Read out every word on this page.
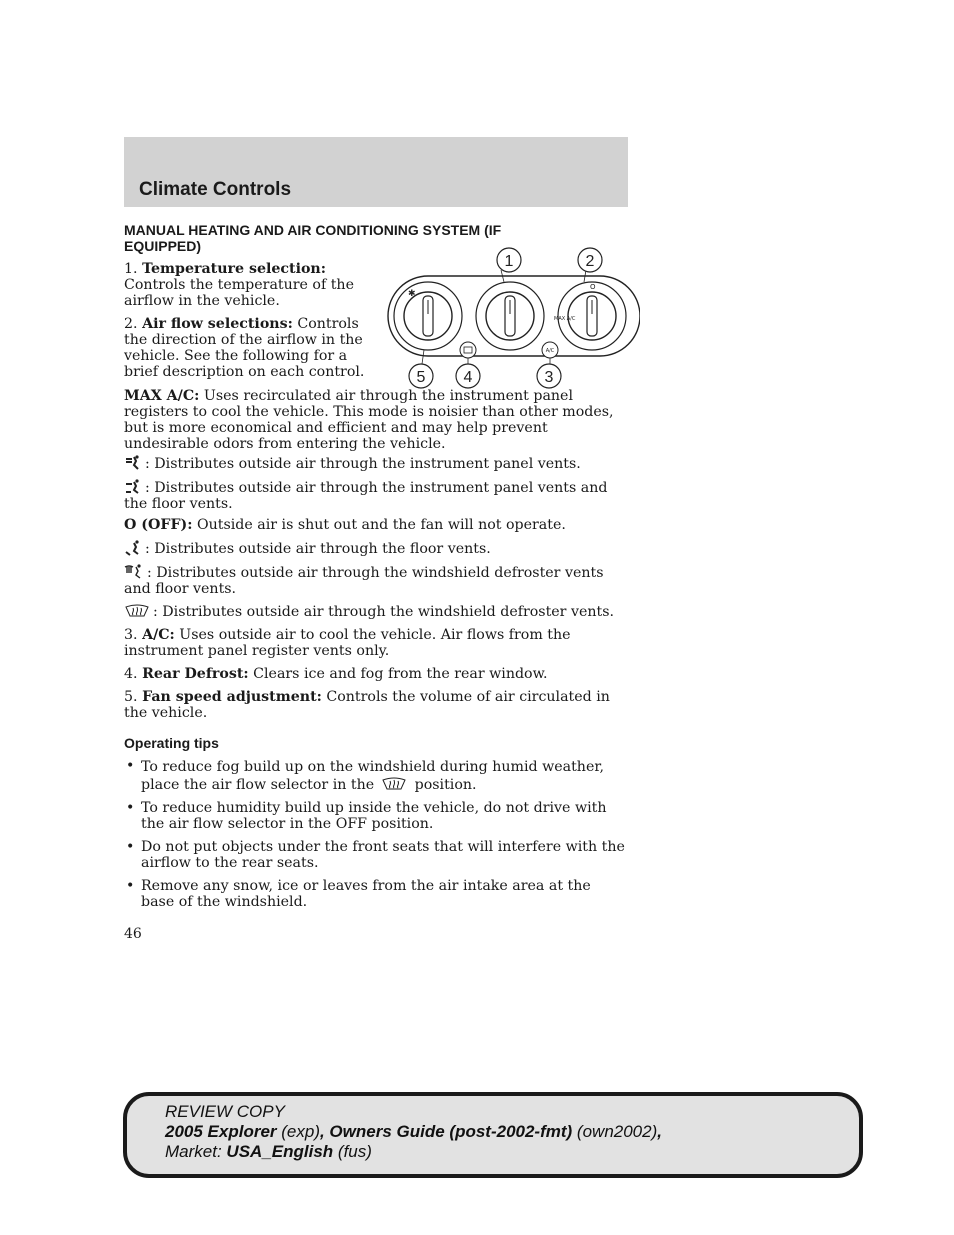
Climate Controls
MANUAL HEATING AND AIR CONDITIONING SYSTEM (IF EQUIPPED)
✱
O
MAX A/C
A/C
1	2
3
4
5
1. Temperature selection: Controls the temperature of the airflow in the vehicle.
2. Air flow selections: Controls the direction of the airflow in the vehicle. See the following for a brief description on each control.
MAX A/C: Uses recirculated air through the instrument panel registers to cool the vehicle. This mode is noisier than other modes, but is more economical and efficient and may help prevent undesirable odors from entering the vehicle.
: Distributes outside air through the instrument panel vents.
: Distributes outside air through the instrument panel vents and the floor vents.
O (OFF): Outside air is shut out and the fan will not operate.
: Distributes outside air through the floor vents.
: Distributes outside air through the windshield defroster vents and floor vents.
: Distributes outside air through the windshield defroster vents.
3. A/C: Uses outside air to cool the vehicle. Air flows from the instrument panel register vents only.
4. Rear Defrost: Clears ice and fog from the rear window.
5. Fan speed adjustment: Controls the volume of air circulated in the vehicle.
Operating tips
• To reduce fog build up on the windshield during humid weather, place the air flow selector in the	position.
• To reduce humidity build up inside the vehicle, do not drive with the air flow selector in the OFF position.
• Do not put objects under the front seats that will interfere with the airflow to the rear seats.
• Remove any snow, ice or leaves from the air intake area at the base of the windshield.
46
REVIEW COPY
2005 Explorer (exp), Owners Guide (post-2002-fmt) (own2002),
Market: USA_English (fus)
